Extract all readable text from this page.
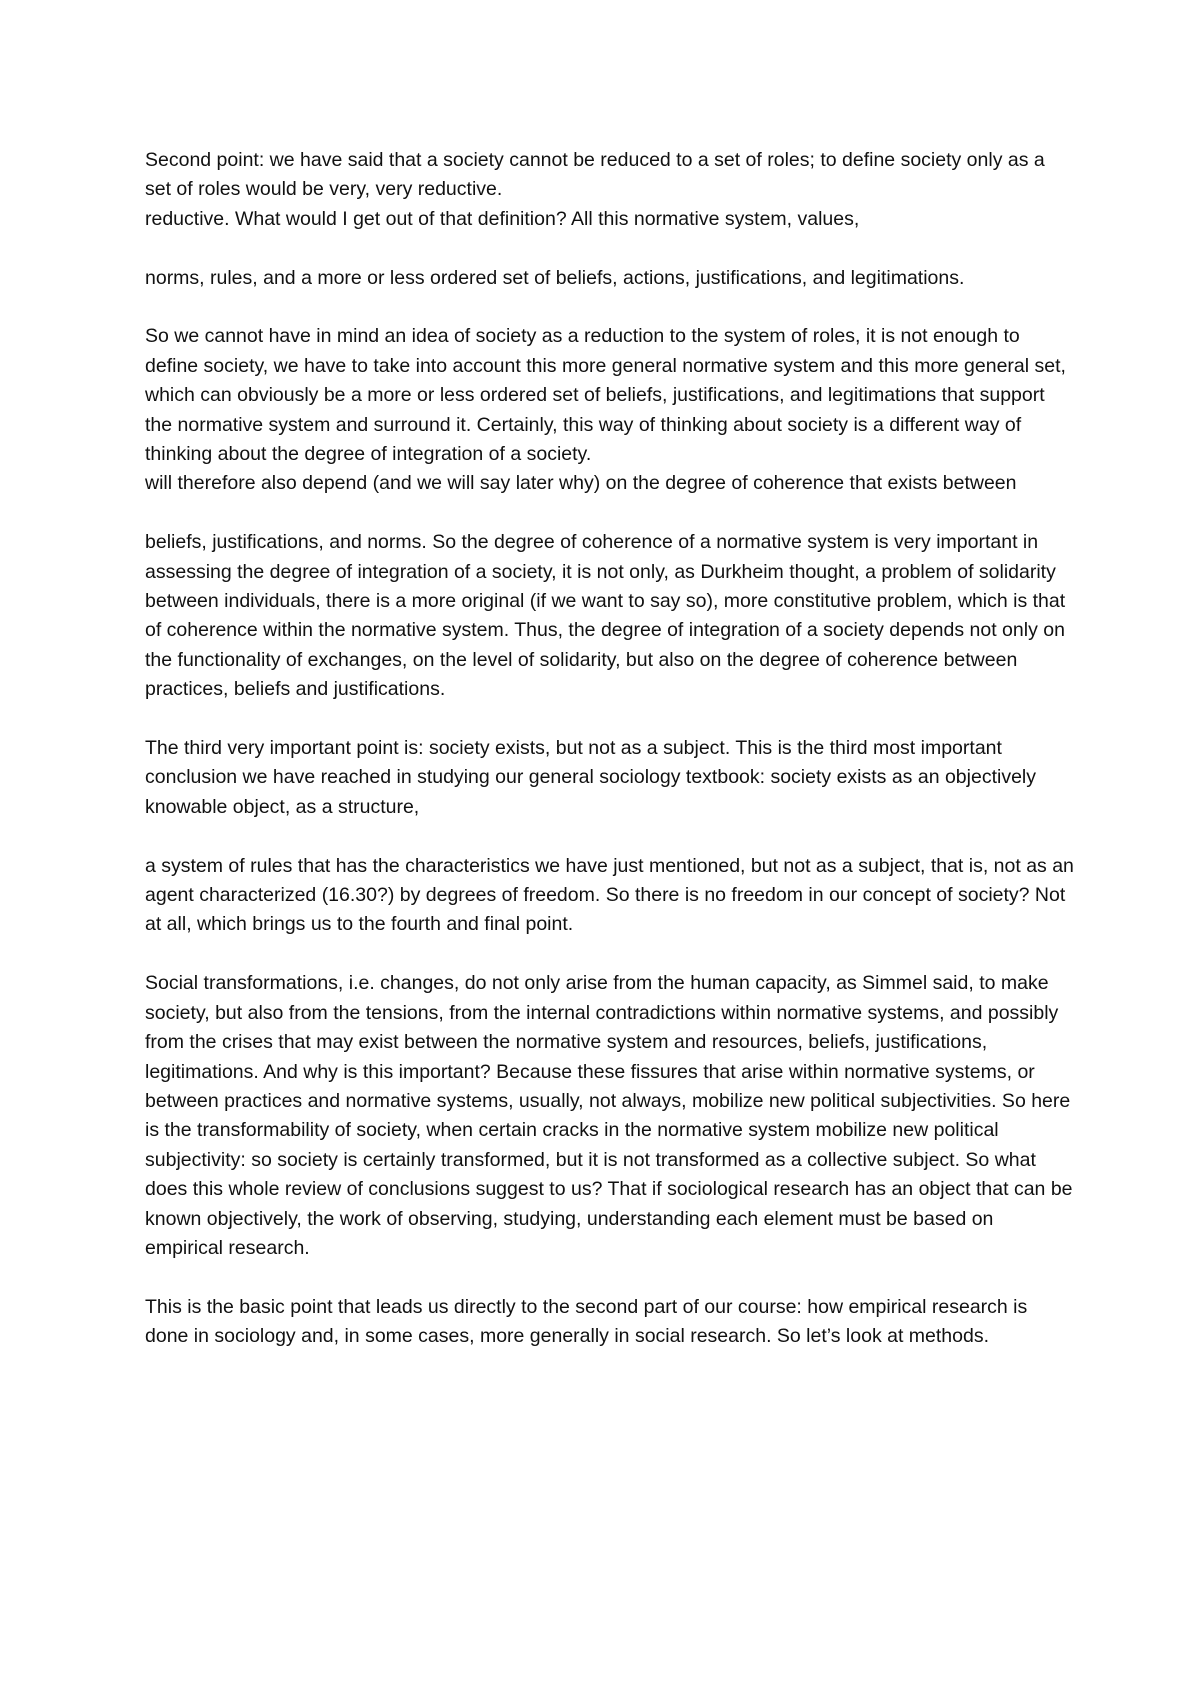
Second point: we have said that a society cannot be reduced to a set of roles; to define society only as a set of roles would be very, very reductive.

reductive. What would I get out of that definition? All this normative system, values,

norms, rules, and a more or less ordered set of beliefs, actions, justifications, and legitimations.

So we cannot have in mind an idea of society as a reduction to the system of roles, it is not enough to define society, we have to take into account this more general normative system and this more general set, which can obviously be a more or less ordered set of beliefs, justifications, and legitimations that support the normative system and surround it. Certainly, this way of thinking about society is a different way of thinking about the degree of integration of a society.

will therefore also depend (and we will say later why) on the degree of coherence that exists between

beliefs, justifications, and norms. So the degree of coherence of a normative system is very important in assessing the degree of integration of a society, it is not only, as Durkheim thought, a problem of solidarity between individuals, there is a more original (if we want to say so), more constitutive problem, which is that of coherence within the normative system. Thus, the degree of integration of a society depends not only on the functionality of exchanges, on the level of solidarity, but also on the degree of coherence between practices, beliefs and justifications.

The third very important point is: society exists, but not as a subject. This is the third most important conclusion we have reached in studying our general sociology textbook: society exists as an objectively knowable object, as a structure,

a system of rules that has the characteristics we have just mentioned, but not as a subject, that is, not as an agent characterized (16.30?) by degrees of freedom. So there is no freedom in our concept of society? Not at all, which brings us to the fourth and final point.

Social transformations, i.e. changes, do not only arise from the human capacity, as Simmel said, to make society, but also from the tensions, from the internal contradictions within normative systems, and possibly from the crises that may exist between the normative system and resources, beliefs, justifications, legitimations. And why is this important? Because these fissures that arise within normative systems, or between practices and normative systems, usually, not always, mobilize new political subjectivities. So here is the transformability of society, when certain cracks in the normative system mobilize new political subjectivity: so society is certainly transformed, but it is not transformed as a collective subject. So what does this whole review of conclusions suggest to us? That if sociological research has an object that can be known objectively, the work of observing, studying, understanding each element must be based on empirical research.

This is the basic point that leads us directly to the second part of our course: how empirical research is done in sociology and, in some cases, more generally in social research. So let’s look at methods.
